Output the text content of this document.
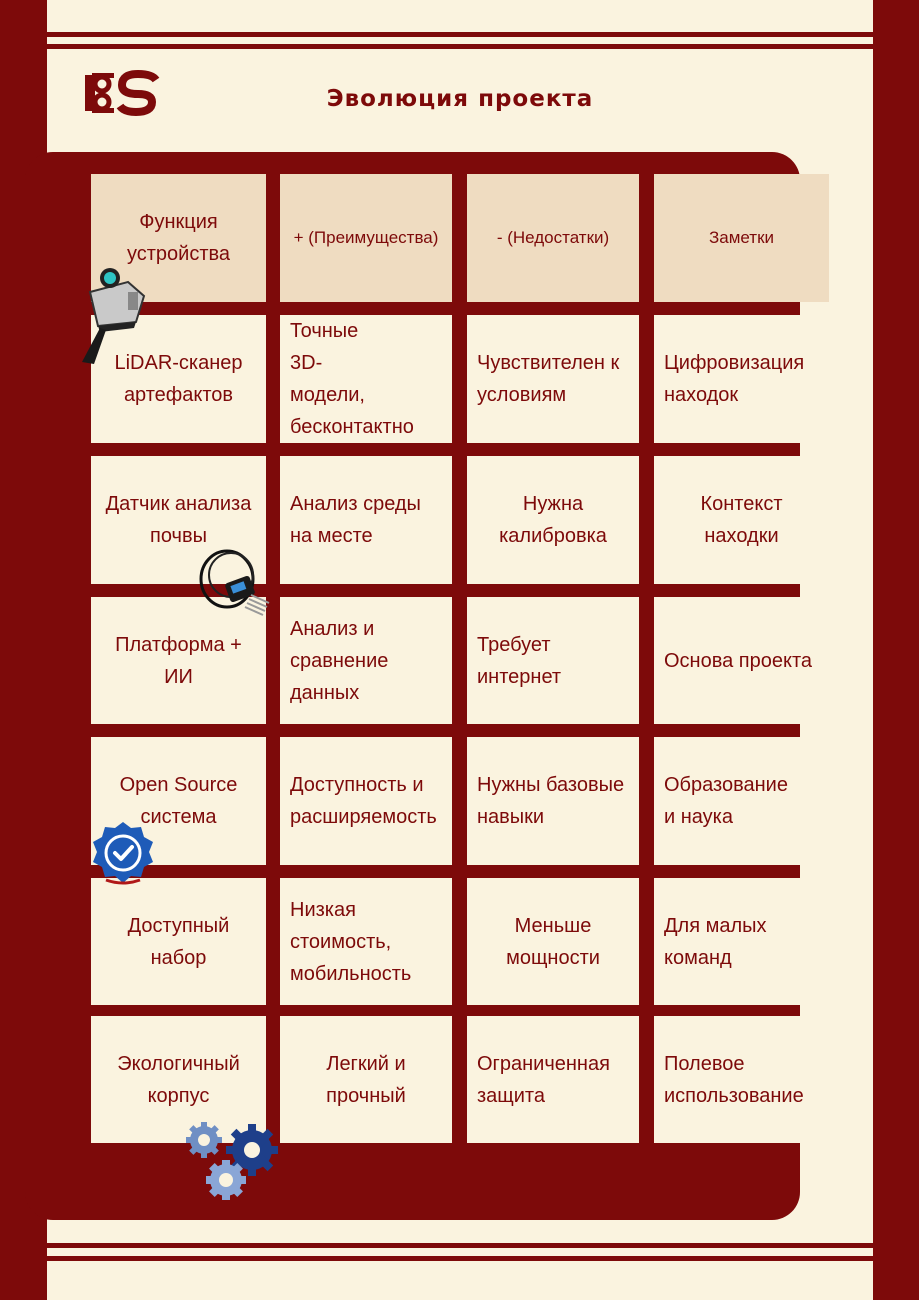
Эволюция проекта
Функция устройства
+ (Преимущества)	- (Недостатки)	Заметки
LiDAR-сканер артефактов
Точные 3D-модели, бесконтактно
Чувствителен к условиям
Цифровизация находок
Датчик анализа почвы
Анализ среды на месте
Нужна калибровка
Контекст находки
Платформа + ИИ
Анализ и сравнение данных
Требует интернет
Основа проекта
Open Source система
Доступность и расширяемость
Нужны базовые навыки
Образование и наука
Доступный набор
Низкая стоимость, мобильность
Меньше мощности
Для малых команд
Экологичный корпус
Легкий и прочный
Ограниченная защита
Полевое использование
